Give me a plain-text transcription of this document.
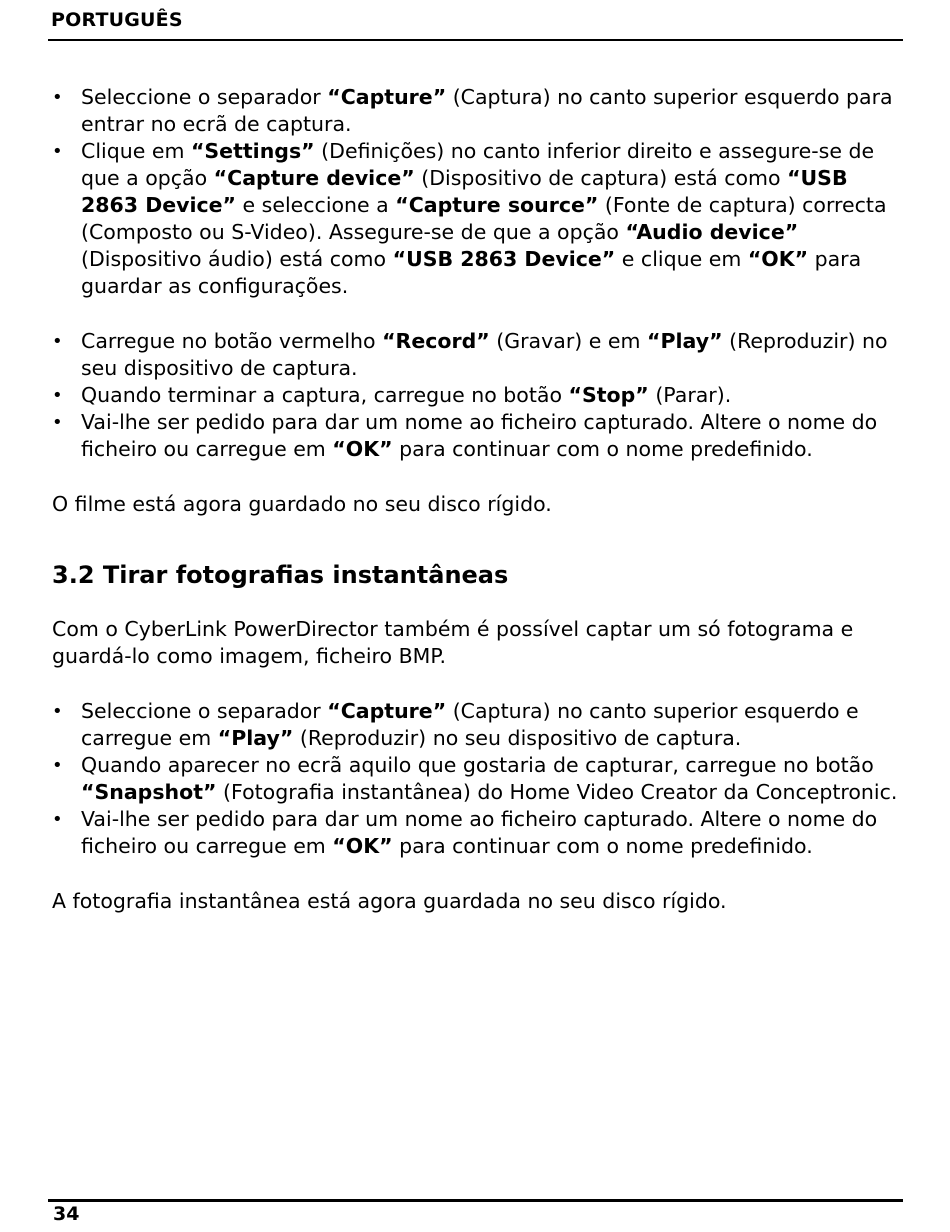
PORTUGUÊS
• Seleccione o separador “Capture” (Captura) no canto superior esquerdo para entrar no ecrã de captura.
• Clique em “Settings” (Definições) no canto inferior direito e assegure-se de que a opção “Capture device” (Dispositivo de captura) está como “USB 2863 Device” e seleccione a “Capture source” (Fonte de captura) correcta (Composto ou S-Video). Assegure-se de que a opção “Audio device” (Dispositivo áudio) está como “USB 2863 Device” e clique em “OK” para guardar as configurações.
• Carregue no botão vermelho “Record” (Gravar) e em “Play” (Reproduzir) no seu dispositivo de captura.
• Quando terminar a captura, carregue no botão “Stop” (Parar).
• Vai-lhe ser pedido para dar um nome ao ficheiro capturado. Altere o nome do ficheiro ou carregue em “OK” para continuar com o nome predefinido.

O filme está agora guardado no seu disco rígido.

3.2 Tirar fotografias instantâneas

Com o CyberLink PowerDirector também é possível captar um só fotograma e guardá-lo como imagem, ficheiro BMP.

• Seleccione o separador “Capture” (Captura) no canto superior esquerdo e carregue em “Play” (Reproduzir) no seu dispositivo de captura.
• Quando aparecer no ecrã aquilo que gostaria de capturar, carregue no botão “Snapshot” (Fotografia instantânea) do Home Video Creator da Conceptronic.
• Vai-lhe ser pedido para dar um nome ao ficheiro capturado. Altere o nome do ficheiro ou carregue em “OK” para continuar com o nome predefinido.

A fotografia instantânea está agora guardada no seu disco rígido.

34
